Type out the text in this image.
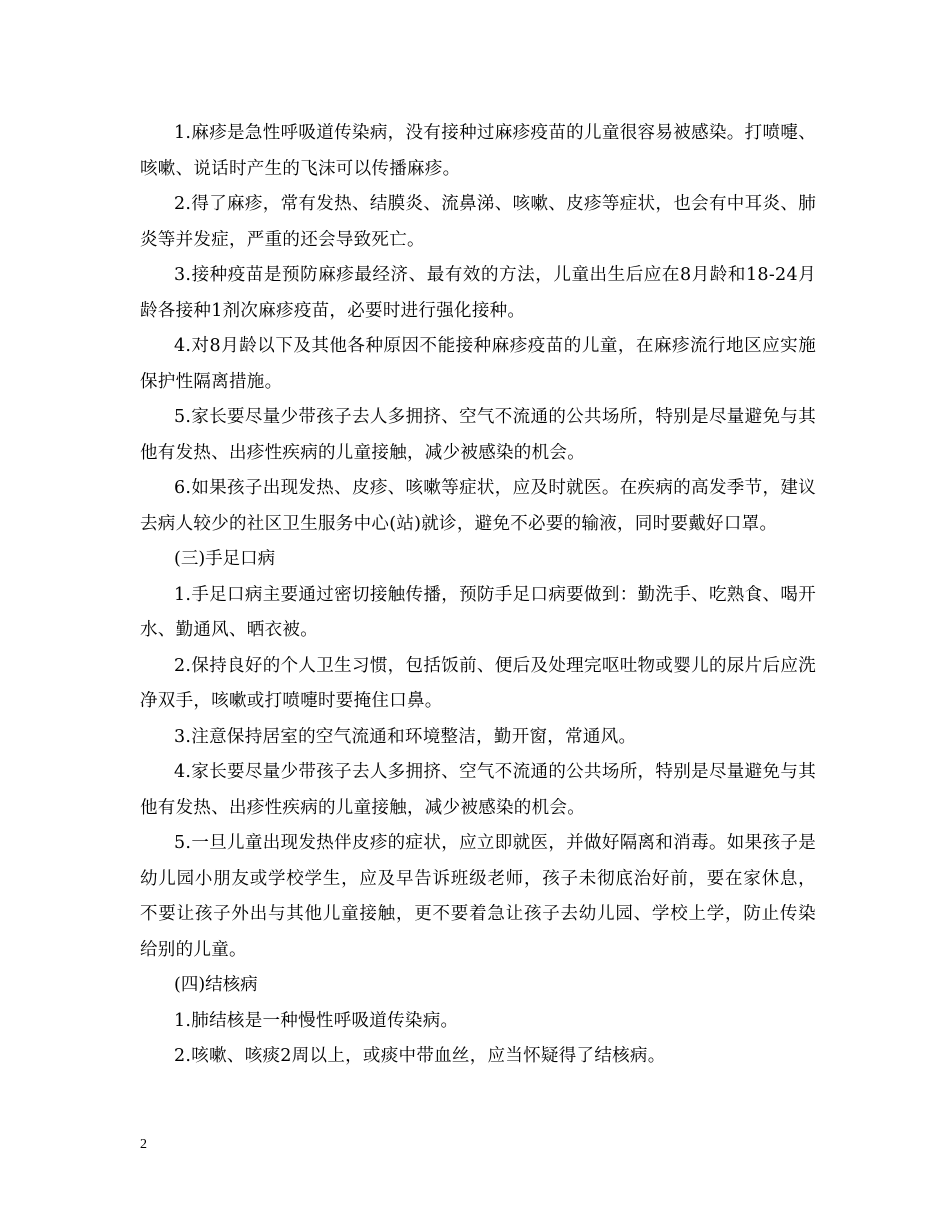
1.麻疹是急性呼吸道传染病，没有接种过麻疹疫苗的儿童很容易被感染。打喷嚏、咳嗽、说话时产生的飞沫可以传播麻疹。

2.得了麻疹，常有发热、结膜炎、流鼻涕、咳嗽、皮疹等症状，也会有中耳炎、肺炎等并发症，严重的还会导致死亡。

3.接种疫苗是预防麻疹最经济、最有效的方法，儿童出生后应在8月龄和18-24月龄各接种1剂次麻疹疫苗，必要时进行强化接种。

4.对8月龄以下及其他各种原因不能接种麻疹疫苗的儿童，在麻疹流行地区应实施保护性隔离措施。

5.家长要尽量少带孩子去人多拥挤、空气不流通的公共场所，特别是尽量避免与其他有发热、出疹性疾病的儿童接触，减少被感染的机会。

6.如果孩子出现发热、皮疹、咳嗽等症状，应及时就医。在疾病的高发季节，建议去病人较少的社区卫生服务中心(站)就诊，避免不必要的输液，同时要戴好口罩。

(三)手足口病

1.手足口病主要通过密切接触传播，预防手足口病要做到：勤洗手、吃熟食、喝开水、勤通风、晒衣被。

2.保持良好的个人卫生习惯，包括饭前、便后及处理完呕吐物或婴儿的尿片后应洗净双手，咳嗽或打喷嚏时要掩住口鼻。

3.注意保持居室的空气流通和环境整洁，勤开窗，常通风。

4.家长要尽量少带孩子去人多拥挤、空气不流通的公共场所，特别是尽量避免与其他有发热、出疹性疾病的儿童接触，减少被感染的机会。

5.一旦儿童出现发热伴皮疹的症状，应立即就医，并做好隔离和消毒。如果孩子是幼儿园小朋友或学校学生，应及早告诉班级老师，孩子未彻底治好前，要在家休息，不要让孩子外出与其他儿童接触，更不要着急让孩子去幼儿园、学校上学，防止传染给别的儿童。

(四)结核病

1.肺结核是一种慢性呼吸道传染病。

2.咳嗽、咳痰2周以上，或痰中带血丝，应当怀疑得了结核病。

2
